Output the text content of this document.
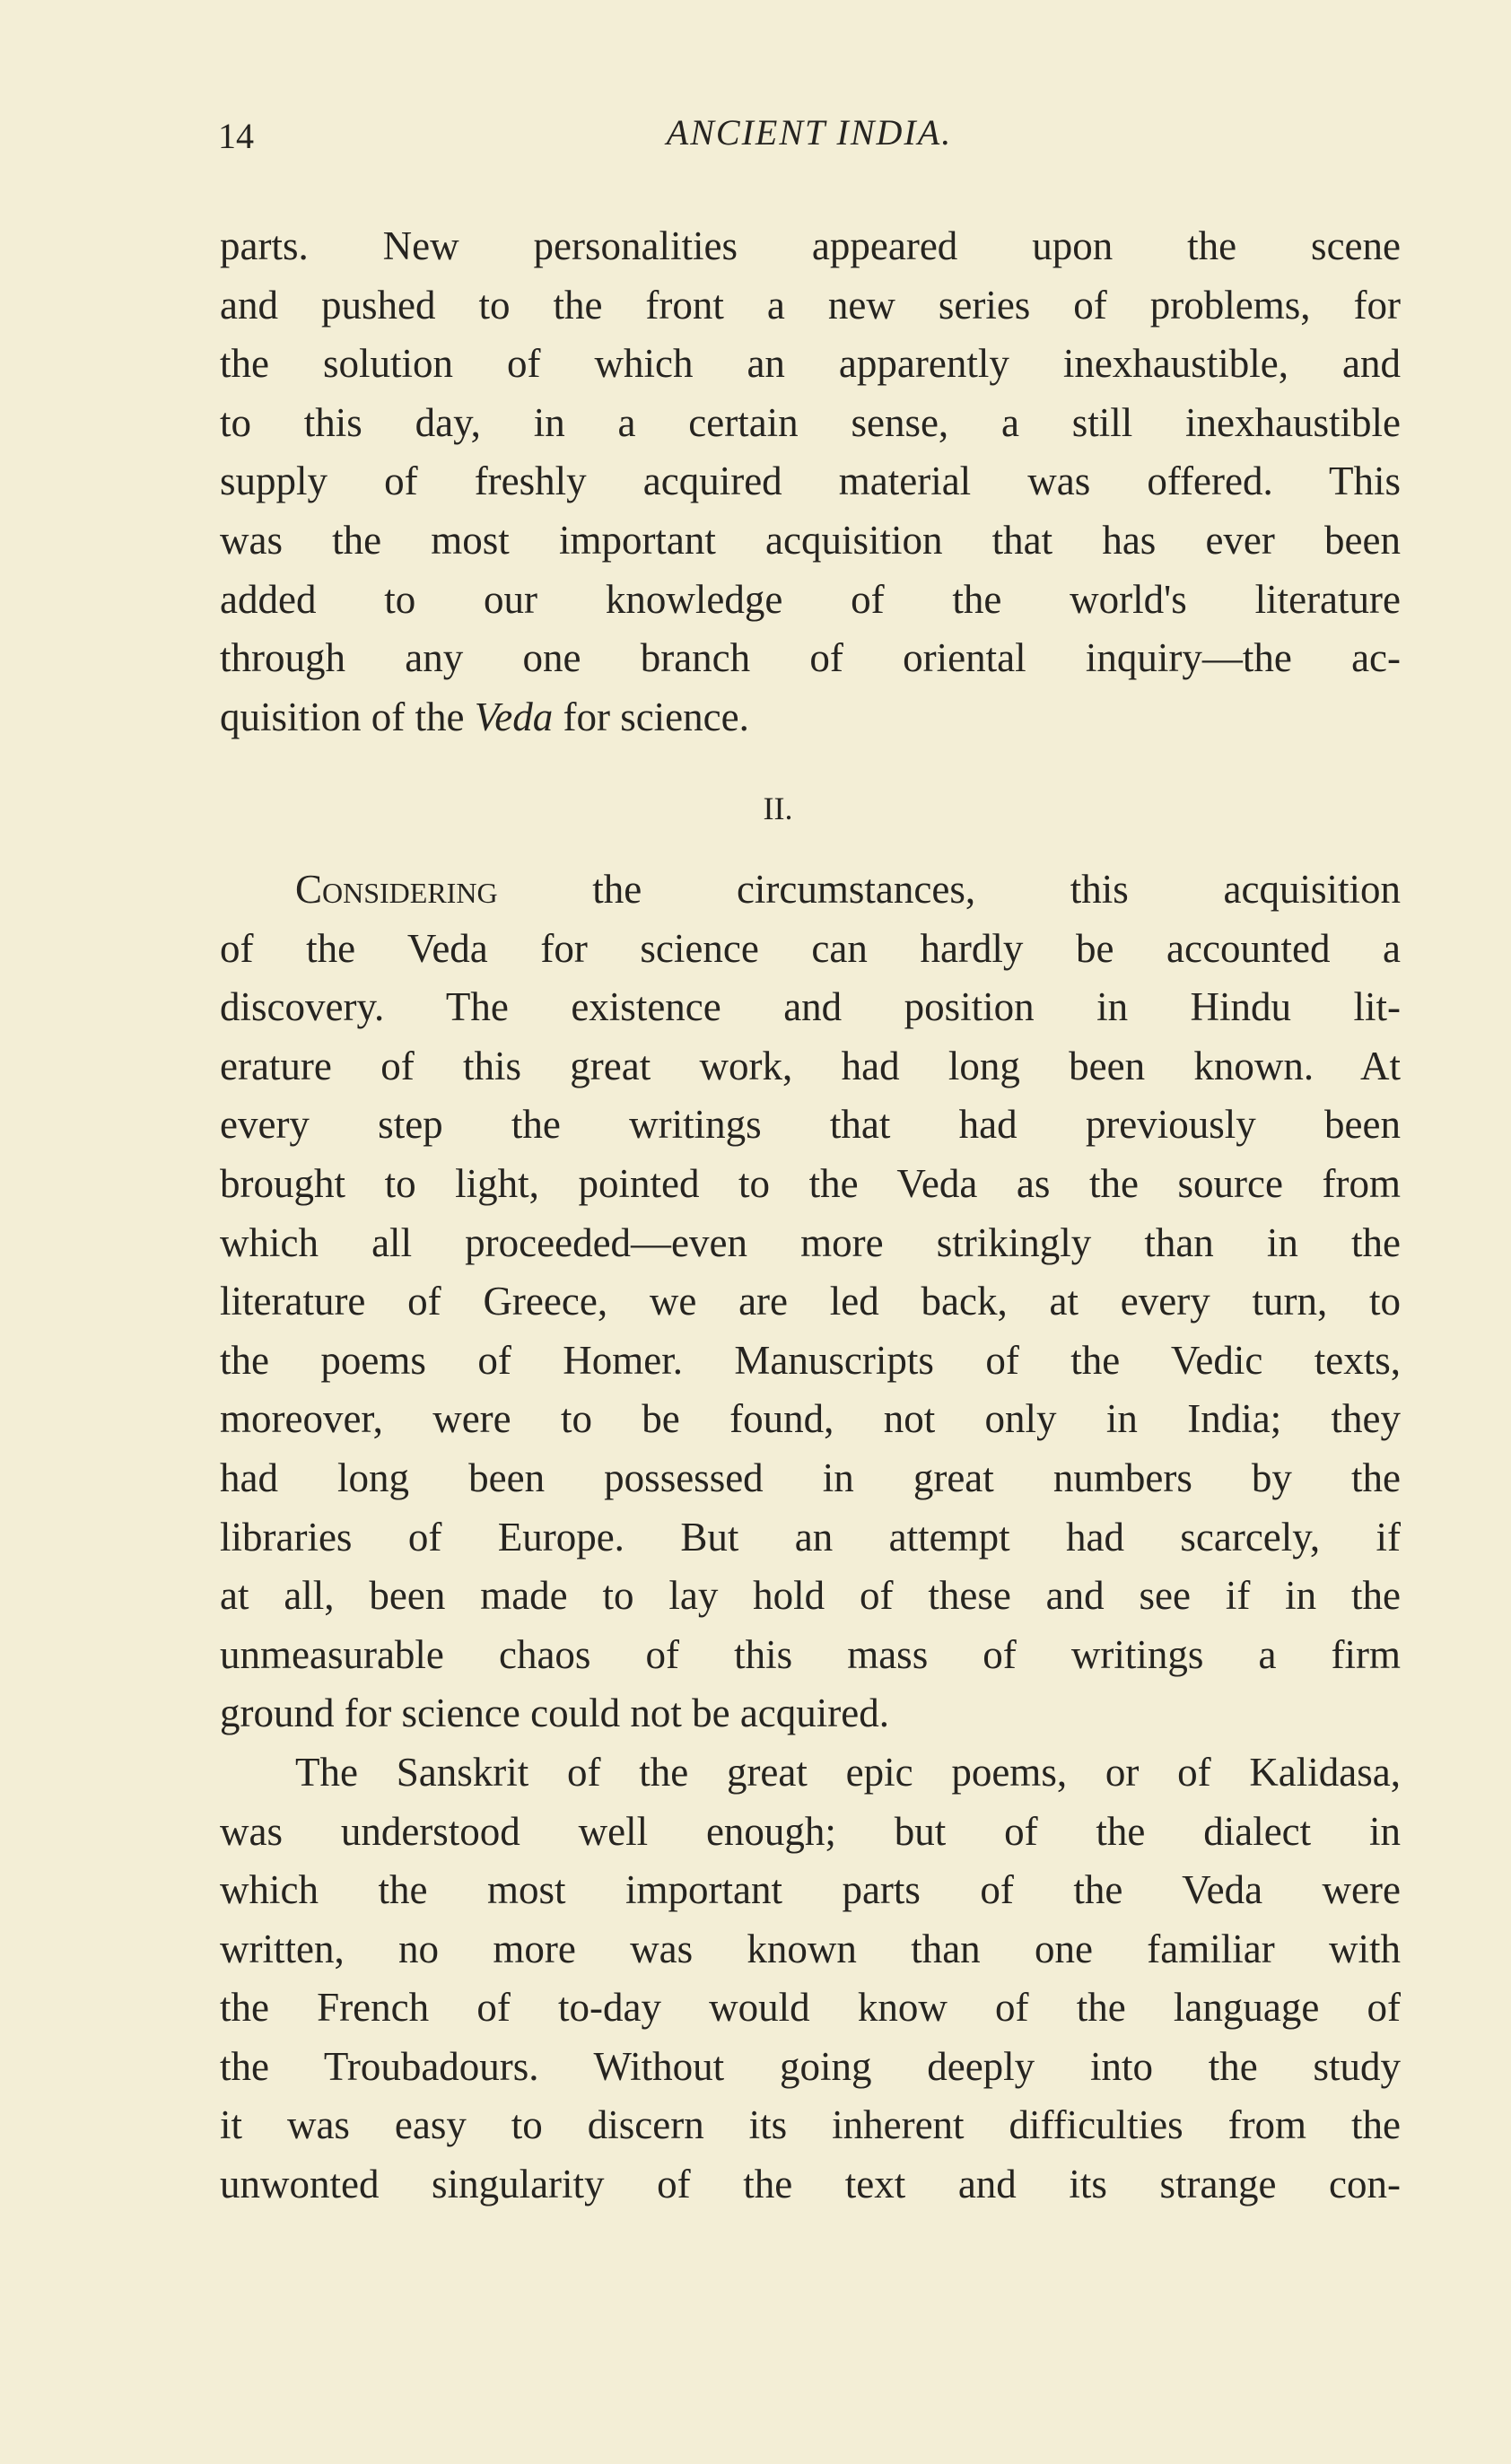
14	ANCIENT INDIA.
parts. New personalities appeared upon the scene
and pushed to the front a new series of problems, for
the solution of which an apparently inexhaustible, and
to this day, in a certain sense, a still inexhaustible
supply of freshly acquired material was offered. This
was the most important acquisition that has ever been
added to our knowledge of the world's literature
through any one branch of oriental inquiry—the ac-
quisition of the Veda for science.
II.
Considering the circumstances, this acquisition
of the Veda for science can hardly be accounted a
discovery. The existence and position in Hindu lit-
erature of this great work, had long been known. At
every step the writings that had previously been
brought to light, pointed to the Veda as the source from
which all proceeded—even more strikingly than in the
literature of Greece, we are led back, at every turn, to
the poems of Homer. Manuscripts of the Vedic texts,
moreover, were to be found, not only in India; they
had long been possessed in great numbers by the
libraries of Europe. But an attempt had scarcely, if
at all, been made to lay hold of these and see if in the
unmeasurable chaos of this mass of writings a firm
ground for science could not be acquired.
The Sanskrit of the great epic poems, or of Kalidasa,
was understood well enough; but of the dialect in
which the most important parts of the Veda were
written, no more was known than one familiar with
the French of to-day would know of the language of
the Troubadours. Without going deeply into the study
it was easy to discern its inherent difficulties from the
unwonted singularity of the text and its strange con-
